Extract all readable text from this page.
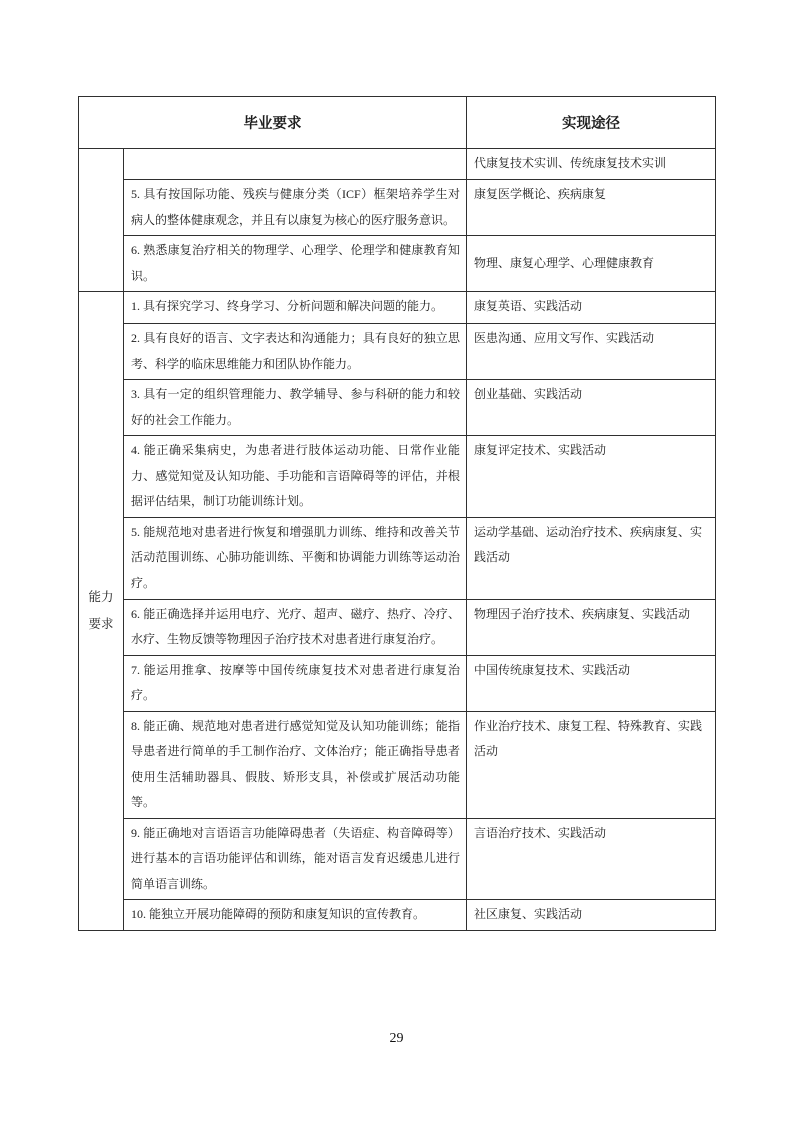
毕业要求		实现途径
		代康复技术实训、传统康复技术实训
	5. 具有按国际功能、残疾与健康分类（ICF）框架培养学生对病人的整体健康观念，并且有以康复为核心的医疗服务意识。	康复医学概论、疾病康复
	6. 熟悉康复治疗相关的物理学、心理学、伦理学和健康教育知识。	物理、康复心理学、心理健康教育
能力要求	1. 具有探究学习、终身学习、分析问题和解决问题的能力。	康复英语、实践活动
	2. 具有良好的语言、文字表达和沟通能力；具有良好的独立思考、科学的临床思维能力和团队协作能力。	医患沟通、应用文写作、实践活动
	3. 具有一定的组织管理能力、教学辅导、参与科研的能力和较好的社会工作能力。	创业基础、实践活动
	4. 能正确采集病史，为患者进行肢体运动功能、日常作业能力、感觉知觉及认知功能、手功能和言语障碍等的评估，并根据评估结果，制订功能训练计划。	康复评定技术、实践活动
	5. 能规范地对患者进行恢复和增强肌力训练、维持和改善关节活动范围训练、心肺功能训练、平衡和协调能力训练等运动治疗。	运动学基础、运动治疗技术、疾病康复、实践活动
	6. 能正确选择并运用电疗、光疗、超声、磁疗、热疗、冷疗、水疗、生物反馈等物理因子治疗技术对患者进行康复治疗。	物理因子治疗技术、疾病康复、实践活动
	7. 能运用推拿、按摩等中国传统康复技术对患者进行康复治疗。	中国传统康复技术、实践活动
	8. 能正确、规范地对患者进行感觉知觉及认知功能训练；能指导患者进行简单的手工制作治疗、文体治疗；能正确指导患者使用生活辅助器具、假肢、矫形支具，补偿或扩展活动功能等。	作业治疗技术、康复工程、特殊教育、实践活动
	9. 能正确地对言语语言功能障碍患者（失语症、构音障碍等）进行基本的言语功能评估和训练，能对语言发育迟缓患儿进行简单语言训练。	言语治疗技术、实践活动
	10. 能独立开展功能障碍的预防和康复知识的宣传教育。	社区康复、实践活动
29
